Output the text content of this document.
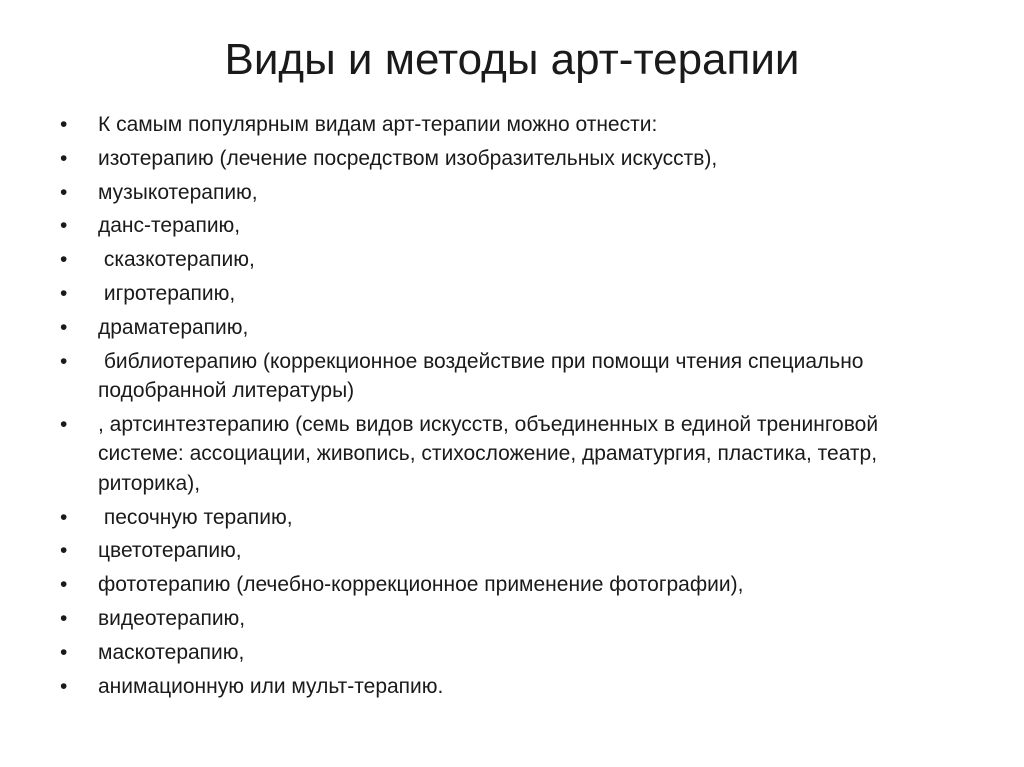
Виды и методы арт-терапии
• К самым популярным видам арт-терапии можно отнести:
• изотерапию (лечение посредством изобразительных искусств),
• музыкотерапию,
• данс-терапию,
• сказкотерапию,
• игротерапию,
• драматерапию,
• библиотерапию (коррекционное воздействие при помощи чтения специально подобранной литературы)
• , артсинтезтерапию (семь видов искусств, объединенных в единой тренинговой системе: ассоциации, живопись, стихосложение, драматургия, пластика, театр, риторика),
• песочную терапию,
• цветотерапию,
• фототерапию (лечебно-коррекционное применение фотографии),
• видеотерапию,
• маскотерапию,
• анимационную или мульт-терапию.
